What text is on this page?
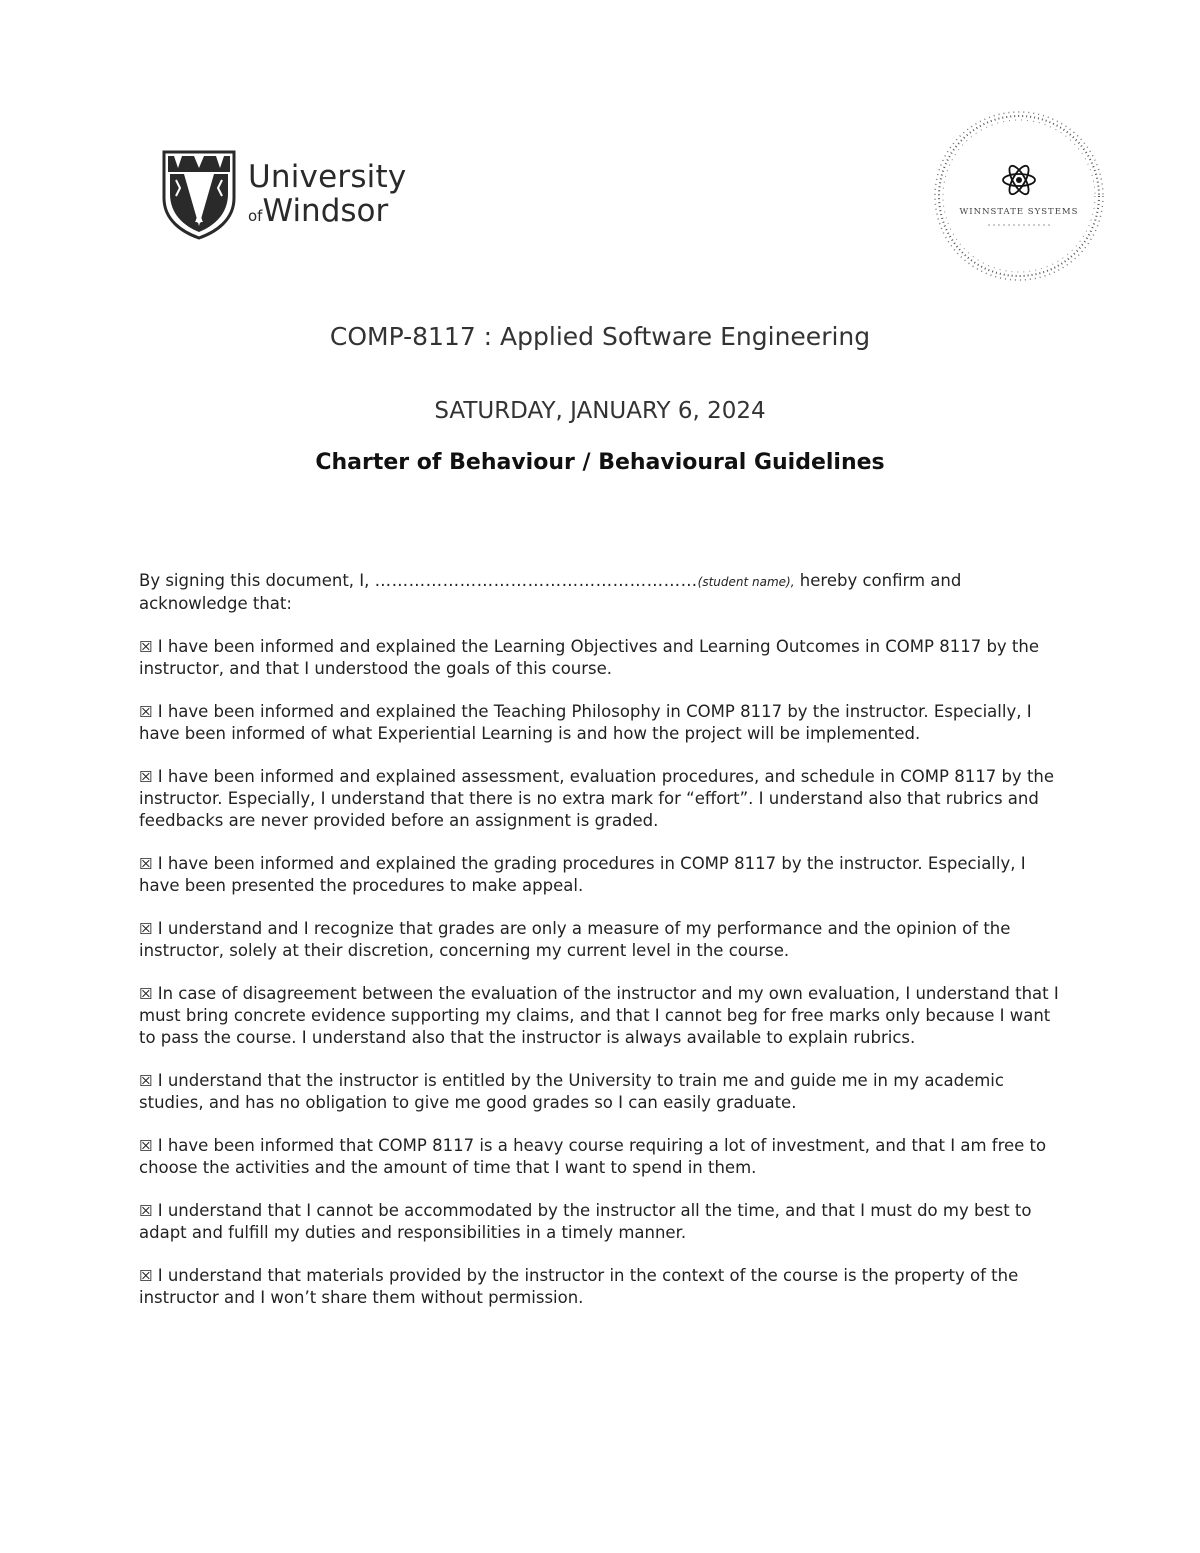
University
ofWindsor	WINNSTATE SYSTEMS
COMP-8117 : Applied Software Engineering
SATURDAY, JANUARY 6, 2024
Charter of Behaviour / Behavioural Guidelines

By signing this document, I, …………………………………………………(student name), hereby confirm and acknowledge that:

☒ I have been informed and explained the Learning Objectives and Learning Outcomes in COMP 8117 by the instructor, and that I understood the goals of this course.

☒ I have been informed and explained the Teaching Philosophy in COMP 8117 by the instructor. Especially, I have been informed of what Experiential Learning is and how the project will be implemented.

☒ I have been informed and explained assessment, evaluation procedures, and schedule in COMP 8117 by the instructor. Especially, I understand that there is no extra mark for “effort”. I understand also that rubrics and feedbacks are never provided before an assignment is graded.

☒ I have been informed and explained the grading procedures in COMP 8117 by the instructor. Especially, I have been presented the procedures to make appeal.

☒ I understand and I recognize that grades are only a measure of my performance and the opinion of the instructor, solely at their discretion, concerning my current level in the course.

☒ In case of disagreement between the evaluation of the instructor and my own evaluation, I understand that I must bring concrete evidence supporting my claims, and that I cannot beg for free marks only because I want to pass the course. I understand also that the instructor is always available to explain rubrics.

☒ I understand that the instructor is entitled by the University to train me and guide me in my academic studies, and has no obligation to give me good grades so I can easily graduate.

☒ I have been informed that COMP 8117 is a heavy course requiring a lot of investment, and that I am free to choose the activities and the amount of time that I want to spend in them.

☒ I understand that I cannot be accommodated by the instructor all the time, and that I must do my best to adapt and fulfill my duties and responsibilities in a timely manner.

☒ I understand that materials provided by the instructor in the context of the course is the property of the instructor and I won’t share them without permission.
